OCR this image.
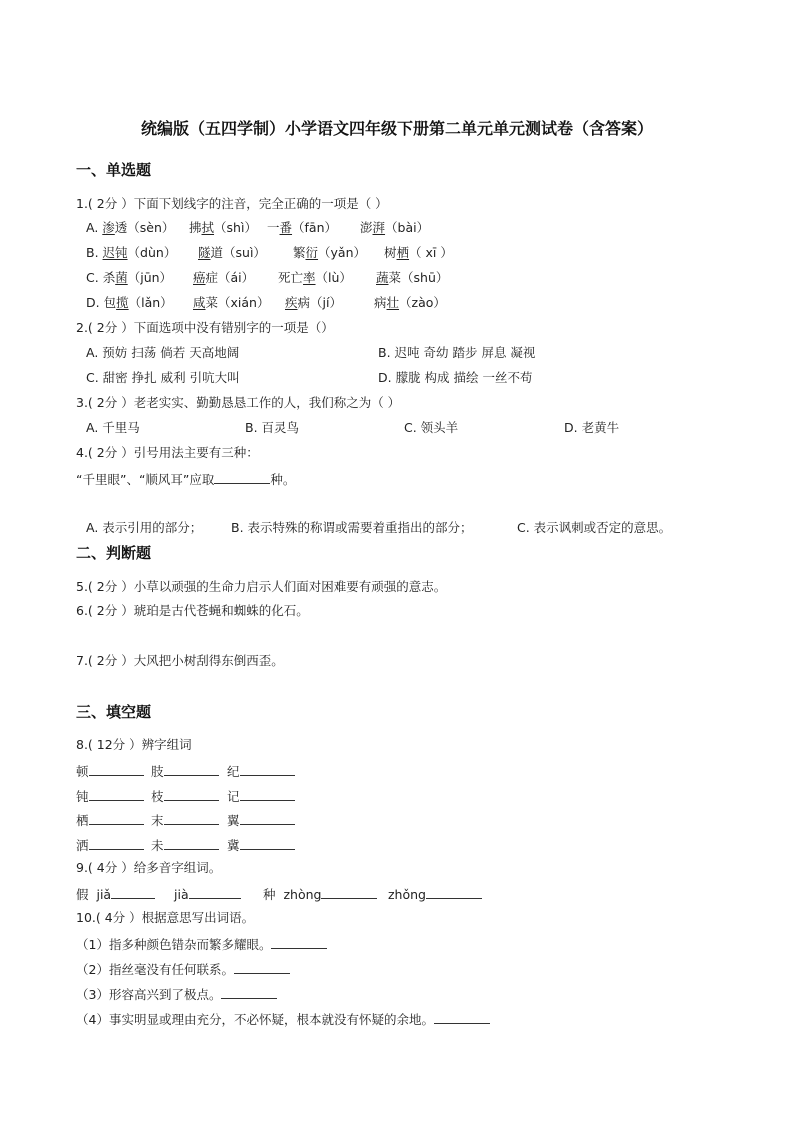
统编版（五四学制）小学语文四年级下册第二单元单元测试卷（含答案）
一、单选题
1.( 2分 ）下面下划线字的注音，完全正确的一项是（ ）
A. 渗透（sèn） 拂拭（shì） 一番（fān） 澎湃（bài）
B. 迟钝（dùn） 隧道（suì） 繁衍（yǎn） 树栖（ xī ）
C. 杀菌（jūn） 癌症（ái） 死亡率（lù） 蔬菜（shū）
D. 包揽（lǎn） 咸菜（xián） 疾病（jí）	病壮（zào）
2.( 2分 ）下面选项中没有错别字的一项是（）
A. 预妨 扫荡 倘若 天高地阔	B. 迟吨 奇幼 踏步 屏息 凝视
C. 甜密 挣扎 威利 引吭大叫	D. 朦胧 构成 描绘 一丝不苟
3.( 2分 ）老老实实、勤勤恳恳工作的人，我们称之为（ ）
A. 千里马	B. 百灵鸟	C. 领头羊	D. 老黄牛
4.( 2分 ）引号用法主要有三种：
“千里眼”、“顺风耳”应取	种。
A. 表示引用的部分； B. 表示特殊的称谓或需要着重指出的部分；	C. 表示讽刺或否定的意思。
二、判断题
5.( 2分 ）小草以顽强的生命力启示人们面对困难要有顽强的意志。
6.( 2分 ）琥珀是古代苍蝇和蜘蛛的化石。
7.( 2分 ）大风把小树刮得东倒西歪。
三、填空题
8.( 12分 ）辨字组词
顿	肢	纪
钝	枝	记
栖	末	翼
洒	未	冀
9.( 4分 ）给多音字组词。
假 jiǎ	jià	种 zhòng	zhǒng
10.( 4分 ）根据意思写出词语。
（1）指多种颜色错杂而繁多耀眼。
（2）指丝毫没有任何联系。
（3）形容高兴到了极点。
（4）事实明显或理由充分，不必怀疑，根本就没有怀疑的余地。
